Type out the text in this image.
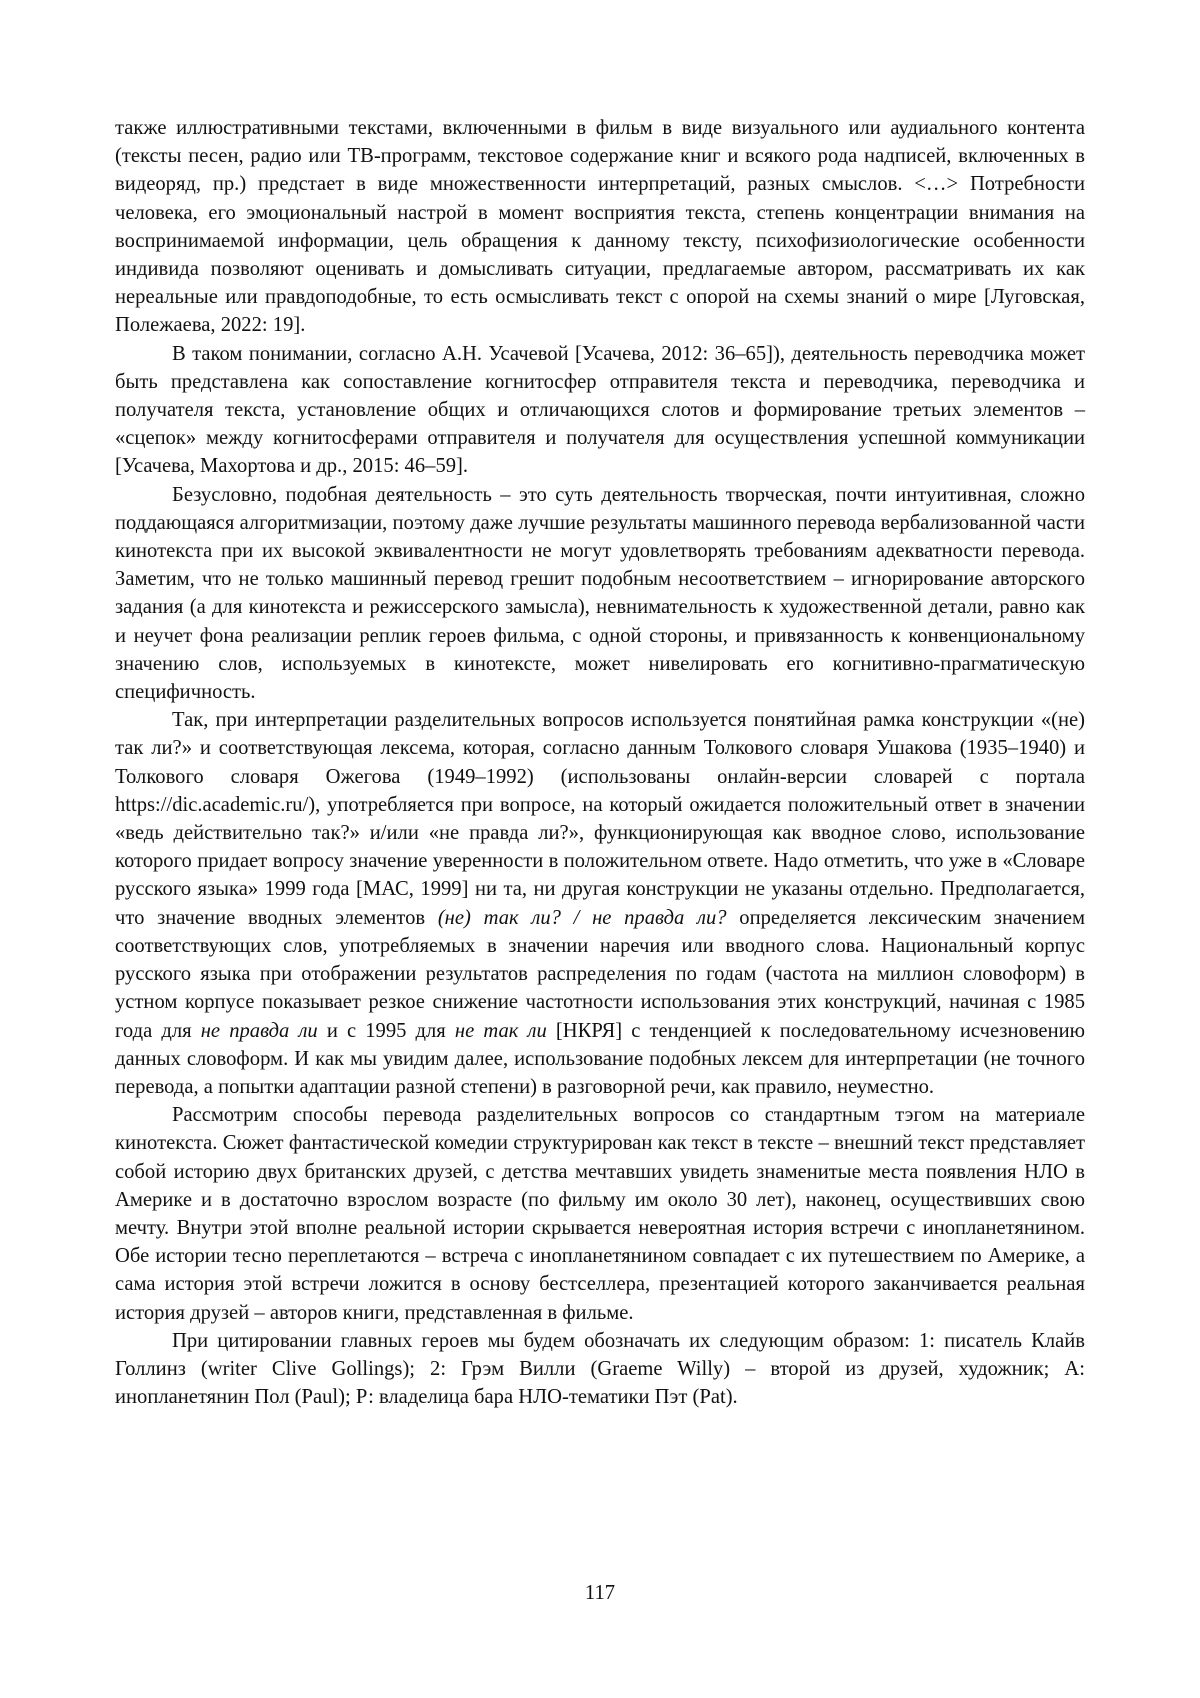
также иллюстративными текстами, включенными в фильм в виде визуального или аудиального контента (тексты песен, радио или ТВ-программ, текстовое содержание книг и всякого рода надписей, включенных в видеоряд, пр.) предстает в виде множественности интерпретаций, разных смыслов. <…> Потребности человека, его эмоциональный настрой в момент восприятия текста, степень концентрации внимания на воспринимаемой информации, цель обращения к данному тексту, психофизиологические особенности индивида позволяют оценивать и домысливать ситуации, предлагаемые автором, рассматривать их как нереальные или правдоподобные, то есть осмысливать текст с опорой на схемы знаний о мире [Луговская, Полежаева, 2022: 19].

В таком понимании, согласно А.Н. Усачевой [Усачева, 2012: 36–65]), деятельность переводчика может быть представлена как сопоставление когнитосфер отправителя текста и переводчика, переводчика и получателя текста, установление общих и отличающихся слотов и формирование третьих элементов – «сцепок» между когнитосферами отправителя и получателя для осуществления успешной коммуникации [Усачева, Махортова и др., 2015: 46–59].

Безусловно, подобная деятельность – это суть деятельность творческая, почти интуитивная, сложно поддающаяся алгоритмизации, поэтому даже лучшие результаты машинного перевода вербализованной части кинотекста при их высокой эквивалентности не могут удовлетворять требованиям адекватности перевода. Заметим, что не только машинный перевод грешит подобным несоответствием – игнорирование авторского задания (а для кинотекста и режиссерского замысла), невнимательность к художественной детали, равно как и неучет фона реализации реплик героев фильма, с одной стороны, и привязанность к конвенциональному значению слов, используемых в кинотексте, может нивелировать его когнитивно-прагматическую специфичность.

Так, при интерпретации разделительных вопросов используется понятийная рамка конструкции «(не) так ли?» и соответствующая лексема, которая, согласно данным Толкового словаря Ушакова (1935–1940) и Толкового словаря Ожегова (1949–1992) (использованы онлайн-версии словарей с портала https://dic.academic.ru/), употребляется при вопросе, на который ожидается положительный ответ в значении «ведь действительно так?» и/или «не правда ли?», функционирующая как вводное слово, использование которого придает вопросу значение уверенности в положительном ответе. Надо отметить, что уже в «Словаре русского языка» 1999 года [МАС, 1999] ни та, ни другая конструкции не указаны отдельно. Предполагается, что значение вводных элементов (не) так ли? / не правда ли? определяется лексическим значением соответствующих слов, употребляемых в значении наречия или вводного слова. Национальный корпус русского языка при отображении результатов распределения по годам (частота на миллион словоформ) в устном корпусе показывает резкое снижение частотности использования этих конструкций, начиная с 1985 года для не правда ли и с 1995 для не так ли [НКРЯ] с тенденцией к последовательному исчезновению данных словоформ. И как мы увидим далее, использование подобных лексем для интерпретации (не точного перевода, а попытки адаптации разной степени) в разговорной речи, как правило, неуместно.

Рассмотрим способы перевода разделительных вопросов со стандартным тэгом на материале кинотекста. Сюжет фантастической комедии структурирован как текст в тексте – внешний текст представляет собой историю двух британских друзей, с детства мечтавших увидеть знаменитые места появления НЛО в Америке и в достаточно взрослом возрасте (по фильму им около 30 лет), наконец, осуществивших свою мечту. Внутри этой вполне реальной истории скрывается невероятная история встречи с инопланетянином. Обе истории тесно переплетаются – встреча с инопланетянином совпадает с их путешествием по Америке, а сама история этой встречи ложится в основу бестселлера, презентацией которого заканчивается реальная история друзей – авторов книги, представленная в фильме.

При цитировании главных героев мы будем обозначать их следующим образом: 1: писатель Клайв Голлинз (writer Clive Gollings); 2: Грэм Вилли (Graeme Willy) – второй из друзей, художник; А: инопланетянин Пол (Paul); Р: владелица бара НЛО-тематики Пэт (Pat).

117
